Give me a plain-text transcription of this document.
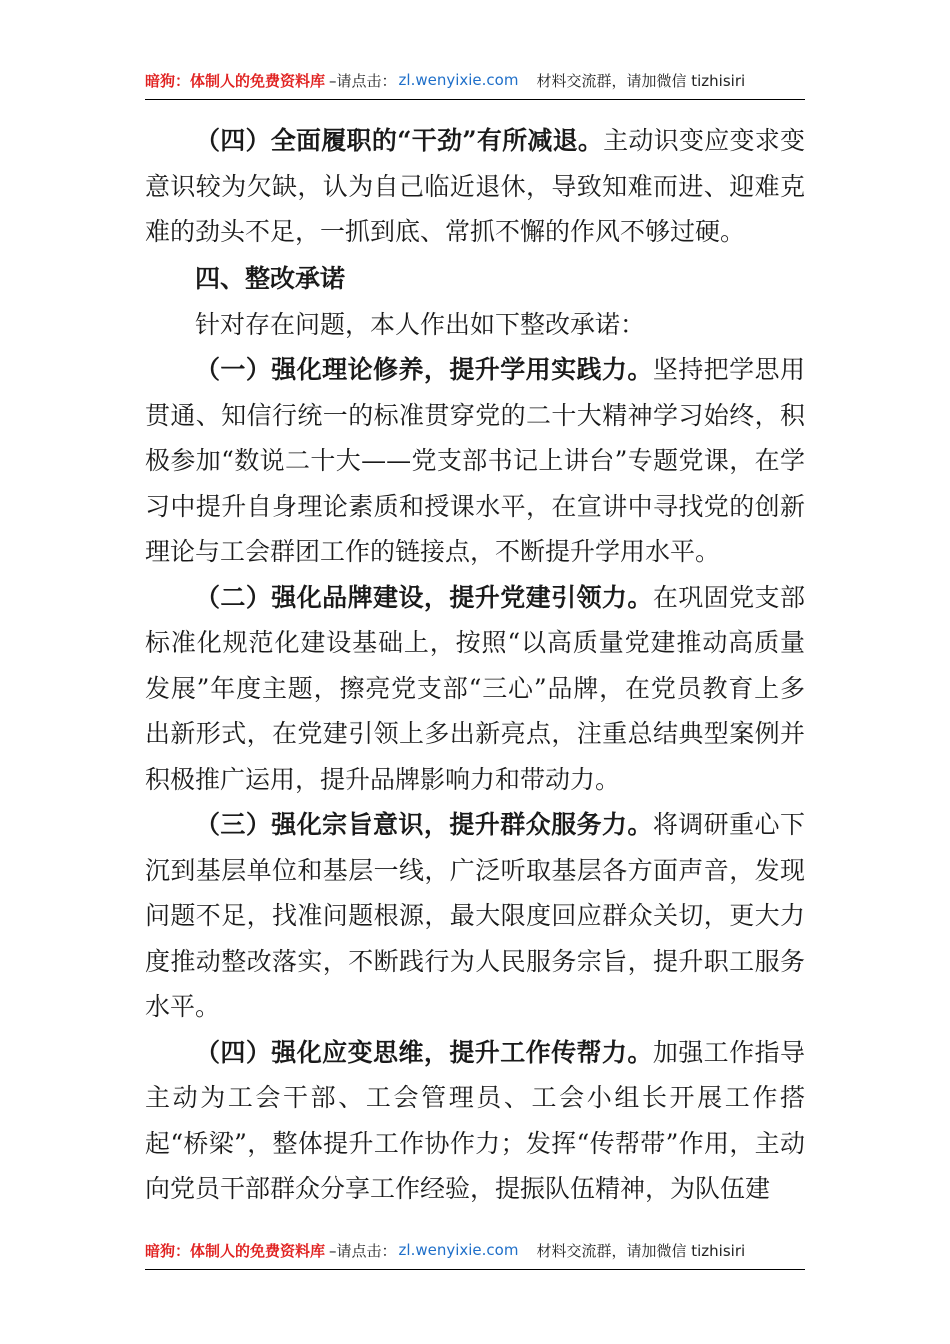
暗狗：体制人的免费资料库 –请点击： zl.wenyixie.com 材料交流群，请加微信 tizhisiri

（四）全面履职的“干劲”有所减退。主动识变应变求变意识较为欠缺，认为自己临近退休，导致知难而进、迎难克难的劲头不足，一抓到底、常抓不懈的作风不够过硬。

四、整改承诺

针对存在问题，本人作出如下整改承诺：

（一）强化理论修养，提升学用实践力。坚持把学思用贯通、知信行统一的标准贯穿党的二十大精神学习始终，积极参加“数说二十大——党支部书记上讲台”专题党课，在学习中提升自身理论素质和授课水平，在宣讲中寻找党的创新理论与工会群团工作的链接点，不断提升学用水平。

（二）强化品牌建设，提升党建引领力。在巩固党支部标准化规范化建设基础上，按照“以高质量党建推动高质量发展”年度主题，擦亮党支部“三心”品牌，在党员教育上多出新形式，在党建引领上多出新亮点，注重总结典型案例并积极推广运用，提升品牌影响力和带动力。

（三）强化宗旨意识，提升群众服务力。将调研重心下沉到基层单位和基层一线，广泛听取基层各方面声音，发现问题不足，找准问题根源，最大限度回应群众关切，更大力度推动整改落实，不断践行为人民服务宗旨，提升职工服务水平。

（四）强化应变思维，提升工作传帮力。加强工作指导主动为工会干部、工会管理员、工会小组长开展工作搭起“桥梁”，整体提升工作协作力；发挥“传帮带”作用，主动向党员干部群众分享工作经验，提振队伍精神，为队伍建

暗狗：体制人的免费资料库 –请点击： zl.wenyixie.com 材料交流群，请加微信 tizhisiri
